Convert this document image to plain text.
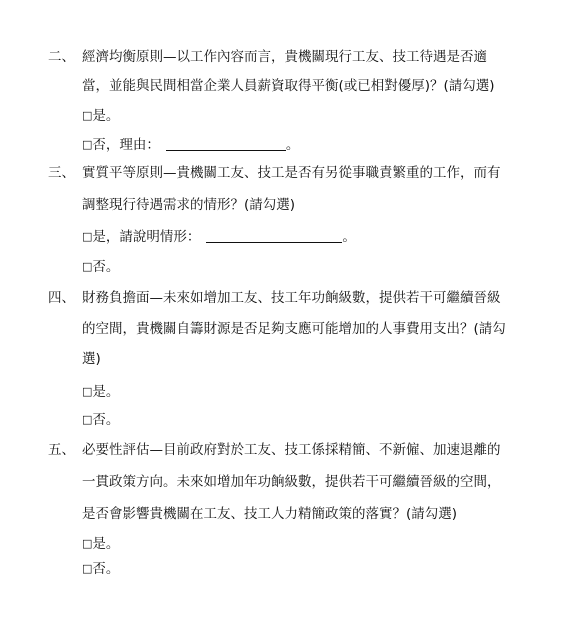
二、 經濟均衡原則—以工作內容而言，貴機關現行工友、技工待遇是否適
當，並能與民間相當企業人員薪資取得平衡(或已相對優厚)？(請勾選)
□是。
□否，理由：	。
三、 實質平等原則—貴機關工友、技工是否有另從事職責繁重的工作，而有
調整現行待遇需求的情形？(請勾選)
□是，請說明情形：	。
□否。
四、 財務負擔面—未來如增加工友、技工年功餉級數，提供若干可繼續晉級
的空間，貴機關自籌財源是否足夠支應可能增加的人事費用支出？(請勾
選)
□是。
□否。
五、 必要性評估—目前政府對於工友、技工係採精簡、不新僱、加速退離的
一貫政策方向。未來如增加年功餉級數，提供若干可繼續晉級的空間，
是否會影響貴機關在工友、技工人力精簡政策的落實？(請勾選)
□是。
□否。
